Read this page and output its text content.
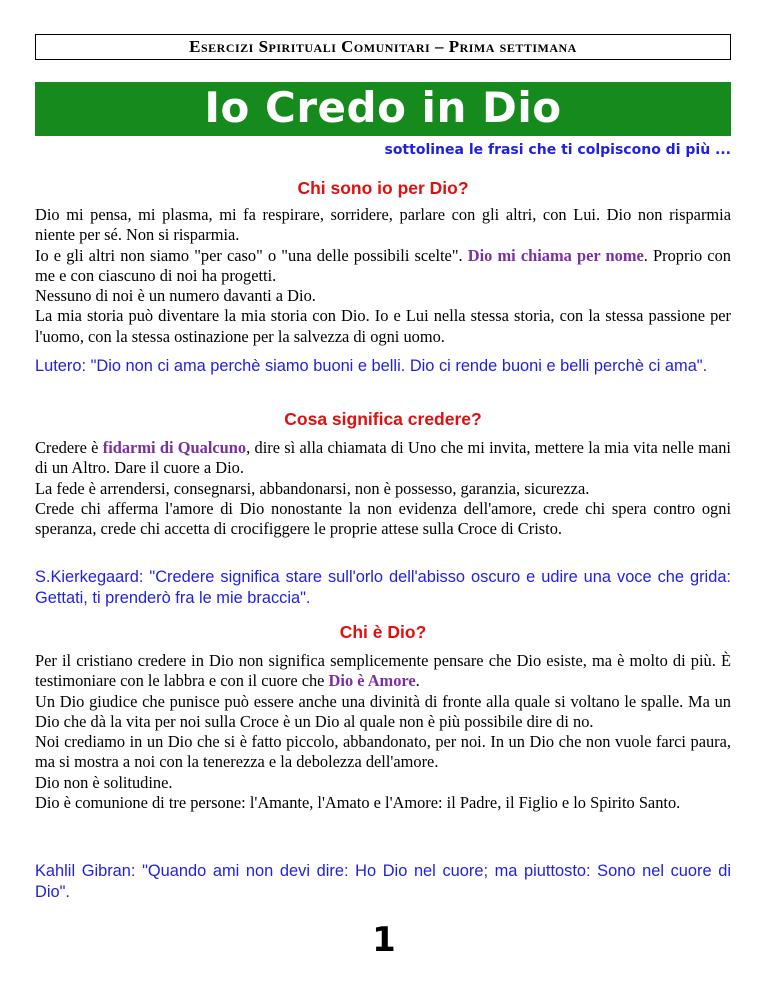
Esercizi Spirituali Comunitari – Prima settimana
Io Credo in Dio
sottolinea le frasi che ti colpiscono di più ...
Chi sono io per Dio?

Dio mi pensa, mi plasma, mi fa respirare, sorridere, parlare con gli altri, con Lui. Dio non risparmia niente per sé. Non si risparmia.

Io e gli altri non siamo "per caso" o "una delle possibili scelte". Dio mi chiama per nome. Proprio con me e con ciascuno di noi ha progetti.

Nessuno di noi è un numero davanti a Dio.

La mia storia può diventare la mia storia con Dio. Io e Lui nella stessa storia, con la stessa passione per l'uomo, con la stessa ostinazione per la salvezza di ogni uomo.

Lutero: "Dio non ci ama perchè siamo buoni e belli. Dio ci rende buoni e belli perchè ci ama".
Cosa significa credere?

Credere è fidarmi di Qualcuno, dire sì alla chiamata di Uno che mi invita, mettere la mia vita nelle mani di un Altro. Dare il cuore a Dio.

La fede è arrendersi, consegnarsi, abbandonarsi, non è possesso, garanzia, sicurezza.

Crede chi afferma l'amore di Dio nonostante la non evidenza dell'amore, crede chi spera contro ogni speranza, crede chi accetta di crocifiggere le proprie attese sulla Croce di Cristo.

S.Kierkegaard: "Credere significa stare sull'orlo dell'abisso oscuro e udire una voce che grida: Gettati, ti prenderò fra le mie braccia".
Chi è Dio?

Per il cristiano credere in Dio non significa semplicemente pensare che Dio esiste, ma è molto di più. È testimoniare con le labbra e con il cuore che Dio è Amore.

Un Dio giudice che punisce può essere anche una divinità di fronte alla quale si voltano le spalle. Ma un Dio che dà la vita per noi sulla Croce è un Dio al quale non è più possibile dire di no.

Noi crediamo in un Dio che si è fatto piccolo, abbandonato, per noi. In un Dio che non vuole farci paura, ma si mostra a noi con la tenerezza e la debolezza dell'amore.

Dio non è solitudine.

Dio è comunione di tre persone: l'Amante, l'Amato e l'Amore: il Padre, il Figlio e lo Spirito Santo.

Kahlil Gibran: "Quando ami non devi dire: Ho Dio nel cuore; ma piuttosto: Sono nel cuore di Dio".
1
